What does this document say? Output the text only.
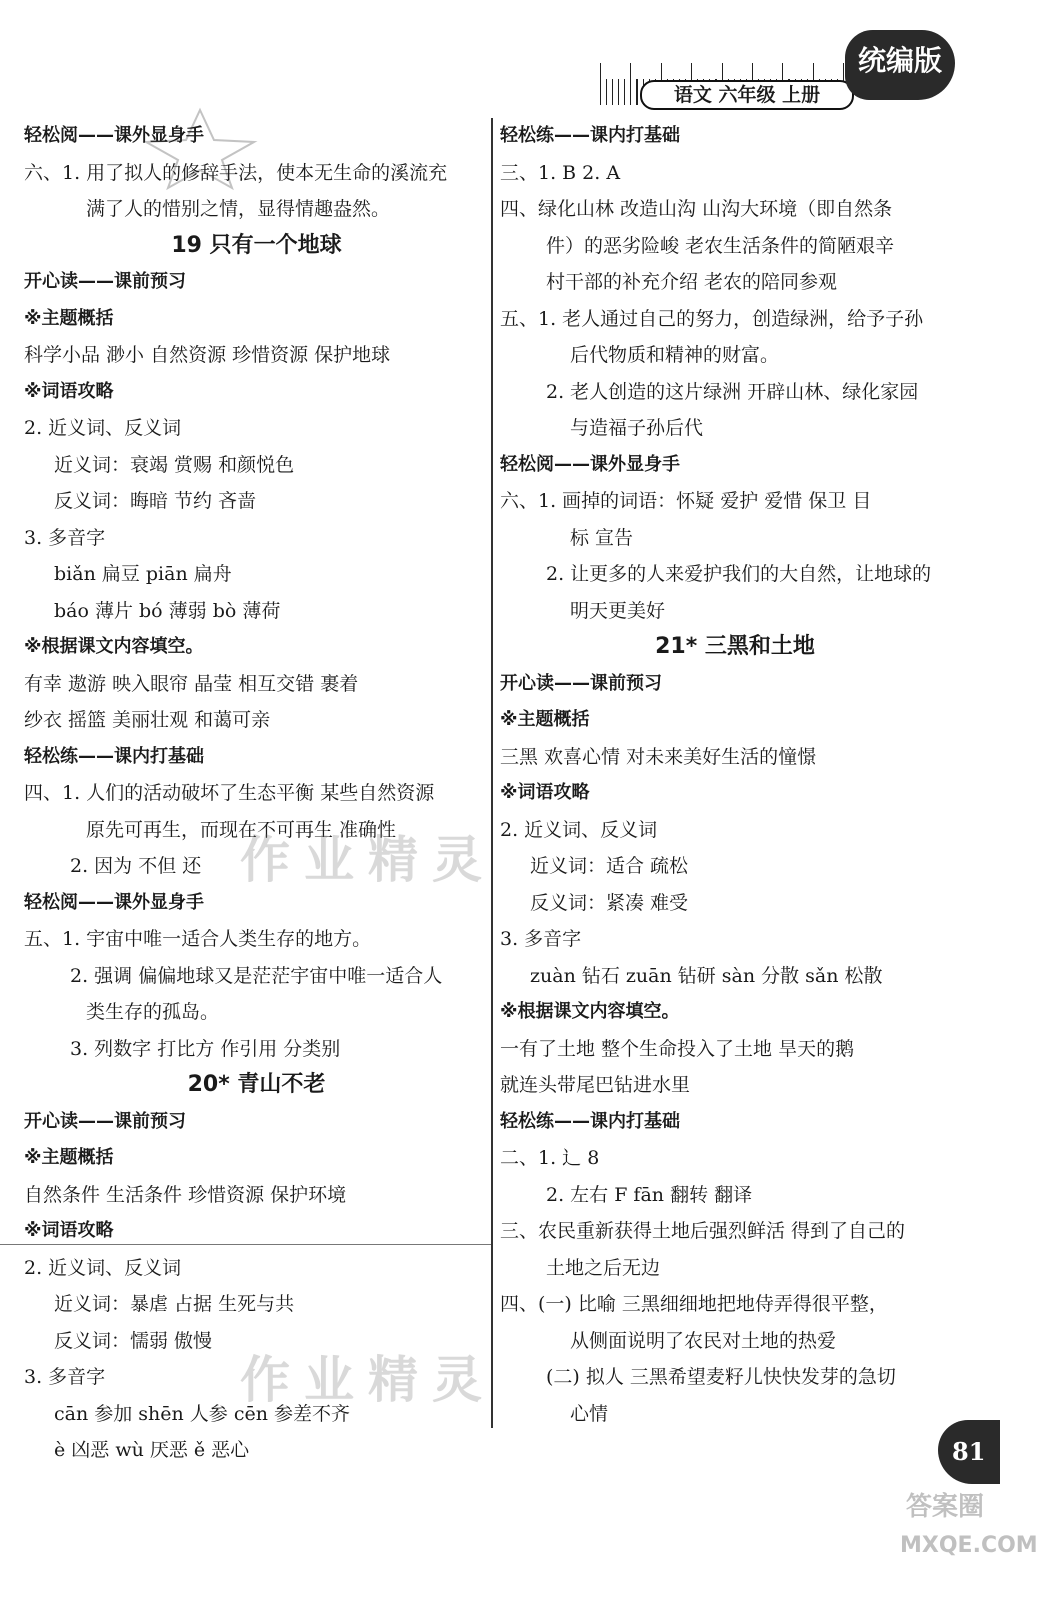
语文 六年级 上册
统编版
轻松阅——课外显身手
六、1. 用了拟人的修辞手法，使本无生命的溪流充
满了人的惜别之情，显得情趣盎然。
19 只有一个地球
开心读——课前预习
※主题概括
科学小品 渺小 自然资源 珍惜资源 保护地球
※词语攻略
2. 近义词、反义词
近义词：衰竭 赏赐 和颜悦色
反义词：晦暗 节约 吝啬
3. 多音字
biǎn 扁豆 piān 扁舟
báo 薄片 bó 薄弱 bò 薄荷
※根据课文内容填空。
有幸 遨游 映入眼帘 晶莹 相互交错 裹着
纱衣 摇篮 美丽壮观 和蔼可亲
轻松练——课内打基础
四、1. 人们的活动破坏了生态平衡 某些自然资源
原先可再生，而现在不可再生 准确性
2. 因为 不但 还
轻松阅——课外显身手
五、1. 宇宙中唯一适合人类生存的地方。
2. 强调 偏偏地球又是茫茫宇宙中唯一适合人
类生存的孤岛。
3. 列数字 打比方 作引用 分类别
20* 青山不老
开心读——课前预习
※主题概括
自然条件 生活条件 珍惜资源 保护环境
※词语攻略
2. 近义词、反义词
近义词：暴虐 占据 生死与共
反义词：懦弱 傲慢
3. 多音字
cān 参加 shēn 人参 cēn 参差不齐
è 凶恶 wù 厌恶 ě 恶心
轻松练——课内打基础
三、1. B 2. A
四、绿化山林 改造山沟 山沟大环境（即自然条
件）的恶劣险峻 老农生活条件的简陋艰辛
村干部的补充介绍 老农的陪同参观
五、1. 老人通过自己的努力，创造绿洲，给予子孙
后代物质和精神的财富。
2. 老人创造的这片绿洲 开辟山林、绿化家园
与造福子孙后代
轻松阅——课外显身手
六、1. 画掉的词语：怀疑 爱护 爱惜 保卫 目
标 宣告
2. 让更多的人来爱护我们的大自然，让地球的
明天更美好
21* 三黑和土地
开心读——课前预习
※主题概括
三黑 欢喜心情 对未来美好生活的憧憬
※词语攻略
2. 近义词、反义词
近义词：适合 疏松
反义词：紧凑 难受
3. 多音字
zuàn 钻石 zuān 钻研 sàn 分散 sǎn 松散
※根据课文内容填空。
一有了土地 整个生命投入了土地 旱天的鹅
就连头带尾巴钻进水里
轻松练——课内打基础
二、1. 辶 8
2. 左右 F fān 翻转 翻译
三、农民重新获得土地后强烈鲜活 得到了自己的
土地之后无边
四、(一) 比喻 三黑细细地把地侍弄得很平整，
从侧面说明了农民对土地的热爱
(二) 拟人 三黑希望麦籽儿快快发芽的急切
心情
作业精灵
作业精灵
81
答案圈
MXQE.COM
